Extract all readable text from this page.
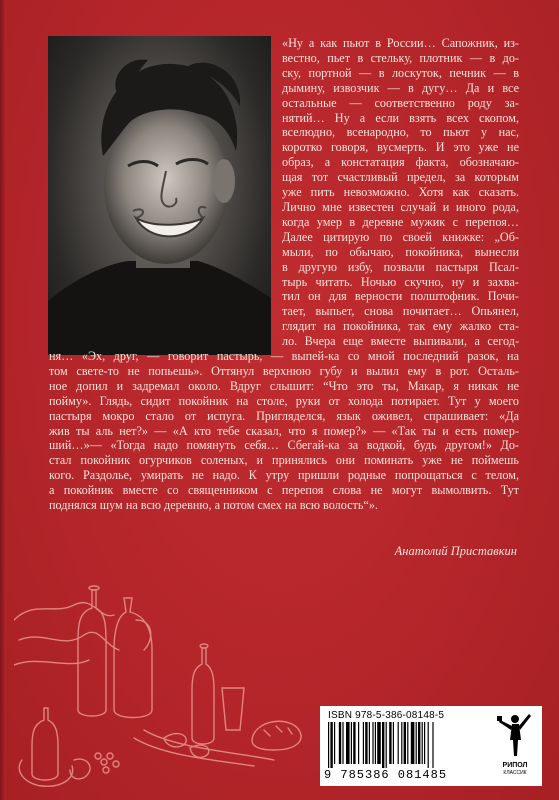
«Ну а как пьют в России… Сапожник, из-
вестно, пьет в стельку, плотник — в до-
ску, портной — в лоскуток, печник — в
дымину, извозчик — в дугу… Да и все
остальные — соответственно роду за-
нятий… Ну а если взять всех скопом,
вселюдно, всенародно, то пьют у нас,
коротко говоря, вусмерть. И это уже не
образ, а констатация факта, обозначаю-
щая тот счастливый предел, за которым
уже пить невозможно. Хотя как сказать.
Лично мне известен случай и иного рода,
когда умер в деревне мужик с перепоя…
Далее цитирую по своей книжке: „Об-
мыли, по обычаю, покойника, вынесли
в другую избу, позвали пастыря Псал-
тырь читать. Ночью скучно, ну и захва-
тил он для верности полштофник. Почи-
тает, выпьет, снова почитает… Опьянел,
глядит на покойника, так ему жалко ста-
ло. Вчера еще вместе выпивали, а сегод-
ня… «Эх, друг, — говорит пастырь, — выпей-ка со мной последний разок, на
том свете-то не попьешь». Оттянул верхнюю губу и вылил ему в рот. Осталь-
ное допил и задремал около. Вдруг слышит: “Что это ты, Макар, я никак не
пойму». Глядь, сидит покойник на столе, руки от холода потирает. Тут у моего
пастыря мокро стало от испуга. Пригляделся, язык оживел, спрашивает: «Да
жив ты аль нет?» — «А кто тебе сказал, что я помер?» — «Так ты и есть помер-
ший…»— «Тогда надо помянуть себя… Сбегай-ка за водкой, будь другом!» До-
стал покойник огурчиков соленых, и принялись они поминать уже не поймешь
кого. Раздолье, умирать не надо. К утру пришли родные попрощаться с телом,
а покойник вместе со священником с перепоя слова не могут вымолвить. Тут
поднялся шум на всю деревню, а потом смех на всю волость“».
Анатолий Приставкин
ISBN 978-5-386-08148-5
9 785386 081485
РИПОЛ
КЛАССИК
